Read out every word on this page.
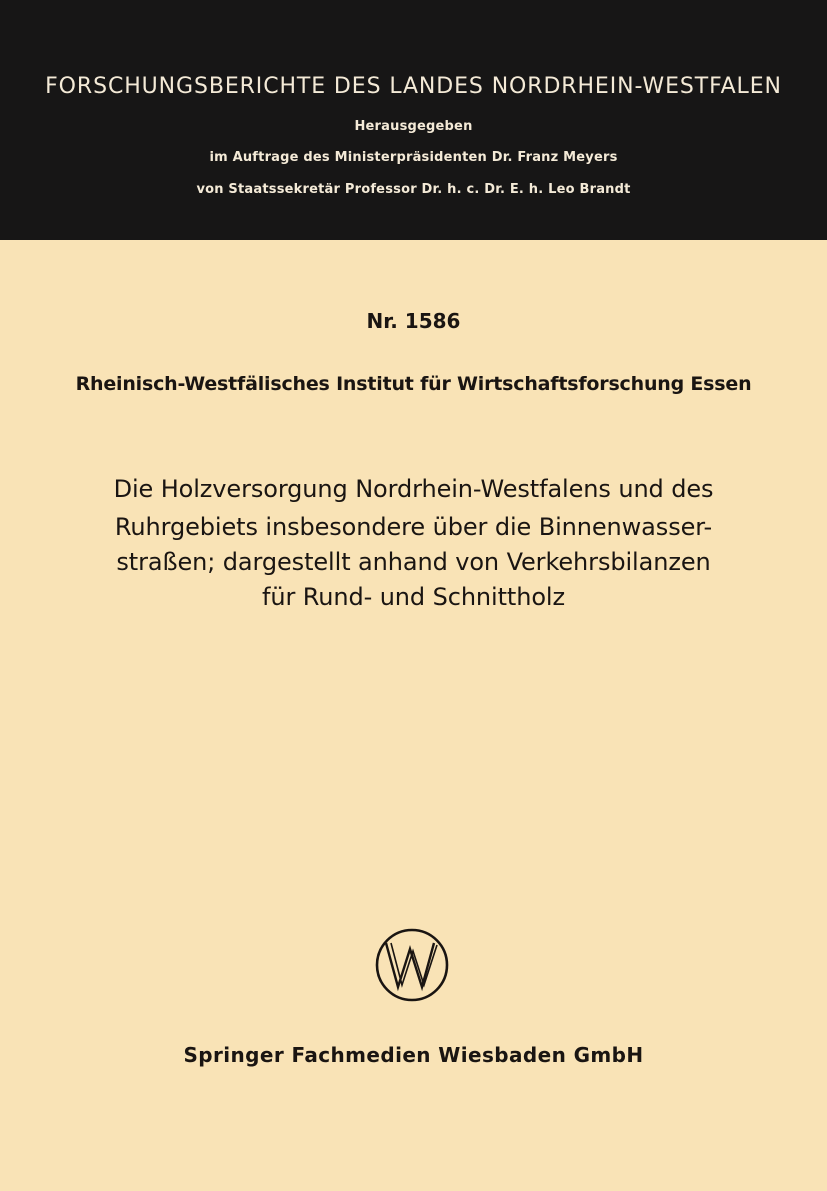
FORSCHUNGSBERICHTE DES LANDES NORDRHEIN-WESTFALEN
Herausgegeben
im Auftrage des Ministerpräsidenten Dr. Franz Meyers
von Staatssekretär Professor Dr. h. c. Dr. E. h. Leo Brandt
Nr. 1586
Rheinisch-Westfälisches Institut für Wirtschaftsforschung Essen
Die Holzversorgung Nordrhein-Westfalens und des
Ruhrgebiets insbesondere über die Binnenwasser-
straßen; dargestellt anhand von Verkehrsbilanzen
für Rund- und Schnittholz
Springer Fachmedien Wiesbaden GmbH
